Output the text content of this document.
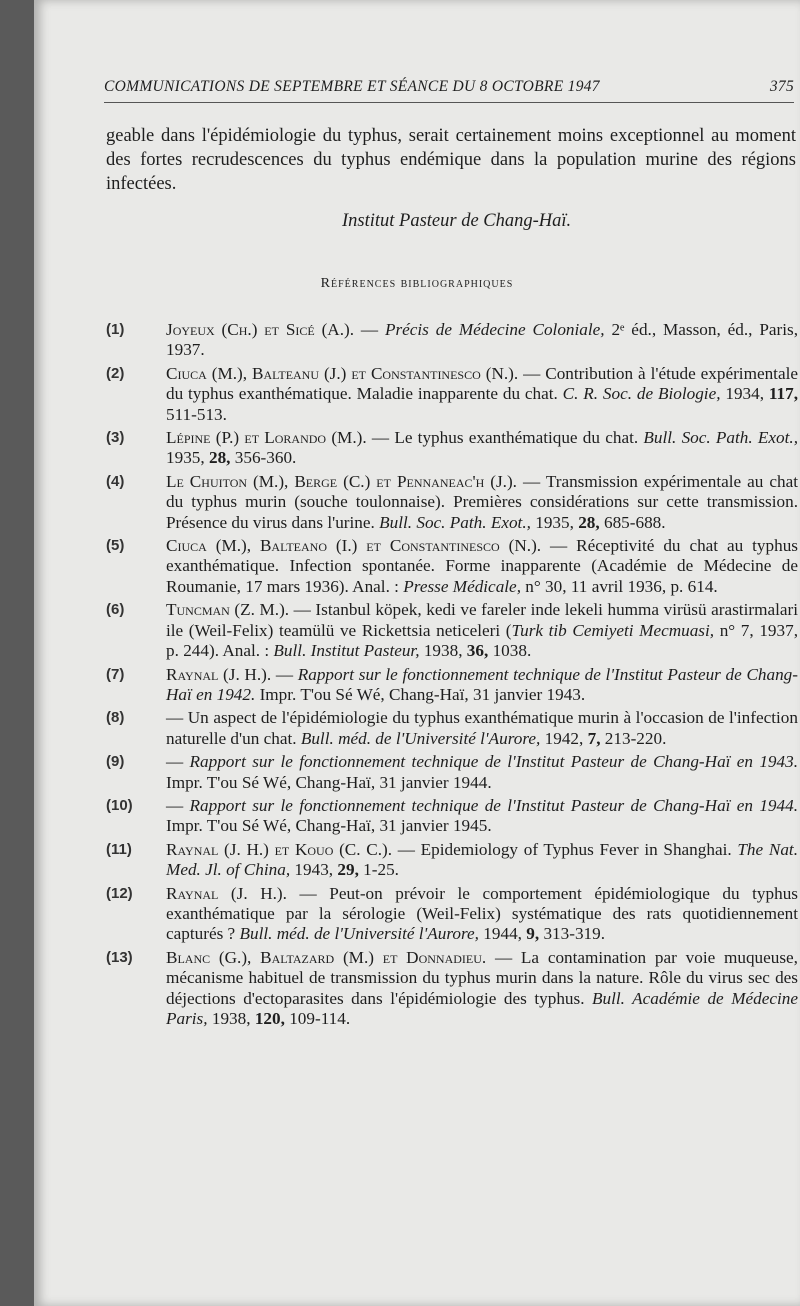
COMMUNICATIONS DE SEPTEMBRE ET SÉANCE DU 8 OCTOBRE 1947	375
geable dans l'épidémiologie du typhus, serait certainement moins exceptionnel au moment des fortes recrudescences du typhus endémique dans la population murine des régions infectées.
Institut Pasteur de Chang-Haï.
Références bibliographiques
(1) Joyeux (Ch.) et Sicé (A.). — Précis de Médecine Coloniale, 2ᵉ éd., Masson, éd., Paris, 1937.
(2) Ciuca (M.), Balteanu (J.) et Constantinesco (N.). — Contribution à l'étude expérimentale du typhus exanthématique. Maladie inapparente du chat. C. R. Soc. de Biologie, 1934, 117, 511-513.
(3) Lépine (P.) et Lorando (M.). — Le typhus exanthématique du chat. Bull. Soc. Path. Exot., 1935, 28, 356-360.
(4) Le Chuiton (M.), Berge (C.) et Pennaneac'h (J.). — Transmission expérimentale au chat du typhus murin (souche toulonnaise). Premières considérations sur cette transmission. Présence du virus dans l'urine. Bull. Soc. Path. Exot., 1935, 28, 685-688.
(5) Ciuca (M.), Balteano (I.) et Constantinesco (N.). — Réceptivité du chat au typhus exanthématique. Infection spontanée. Forme inapparente (Académie de Médecine de Roumanie, 17 mars 1936). Anal. : Presse Médicale, n° 30, 11 avril 1936, p. 614.
(6) Tuncman (Z. M.). — Istanbul köpek, kedi ve fareler inde lekeli humma virüsü arastirmalari ile (Weil-Felix) teamülü ve Rickettsia neticeleri (Turk tib Cemiyeti Mecmuasi, n° 7, 1937, p. 244). Anal. : Bull. Institut Pasteur, 1938, 36, 1038.
(7) Raynal (J. H.). — Rapport sur le fonctionnement technique de l'Institut Pasteur de Chang-Haï en 1942. Impr. T'ou Sé Wé, Chang-Haï, 31 janvier 1943.
(8) — Un aspect de l'épidémiologie du typhus exanthématique murin à l'occasion de l'infection naturelle d'un chat. Bull. méd. de l'Université l'Aurore, 1942, 7, 213-220.
(9) — Rapport sur le fonctionnement technique de l'Institut Pasteur de Chang-Haï en 1943. Impr. T'ou Sé Wé, Chang-Haï, 31 janvier 1944.
(10) — Rapport sur le fonctionnement technique de l'Institut Pasteur de Chang-Haï en 1944. Impr. T'ou Sé Wé, Chang-Haï, 31 janvier 1945.
(11) Raynal (J. H.) et Kouo (C. C.). — Epidemiology of Typhus Fever in Shanghai. The Nat. Med. Jl. of China, 1943, 29, 1-25.
(12) Raynal (J. H.). — Peut-on prévoir le comportement épidémiologique du typhus exanthématique par la sérologie (Weil-Felix) systématique des rats quotidiennement capturés ? Bull. méd. de l'Université l'Aurore, 1944, 9, 313-319.
(13) Blanc (G.), Baltazard (M.) et Donnadieu. — La contamination par voie muqueuse, mécanisme habituel de transmission du typhus murin dans la nature. Rôle du virus sec des déjections d'ectoparasites dans l'épidémiologie des typhus. Bull. Académie de Médecine Paris, 1938, 120, 109-114.
